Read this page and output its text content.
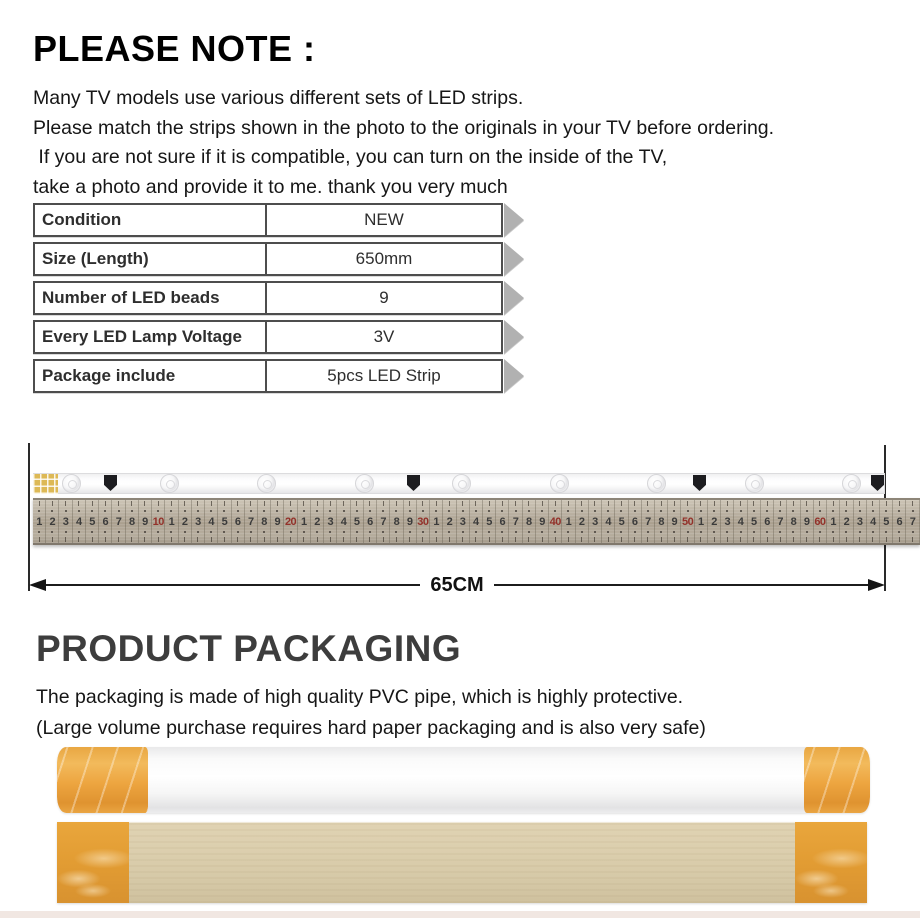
PLEASE NOTE :
Many TV models use various different sets of LED strips.
Please match the strips shown in the photo to the originals in your TV before ordering.
If you are not sure if it is compatible, you can turn on the inside of the TV,
take a photo and provide it to me. thank you very much
Condition	NEW
Size (Length)	650mm
Number of LED beads	9
Every LED Lamp Voltage	3V
Package include	5pcs LED Strip
1 2 3 4 5 6 7 8 9 10 1 2 3 4 5 6 7 8 9 20 1 2 3 4 5 6 7 8 9 30 1 2 3 4 5 6 7 8 9 40 1 2 3 4 5 6 7 8 9 50 1 2 3 4 5 6 7 8 9 60 1 2 3 4 5 6 7
65CM
PRODUCT PACKAGING
The packaging is made of high quality PVC pipe, which is highly protective.
(Large volume purchase requires hard paper packaging and is also very safe)
